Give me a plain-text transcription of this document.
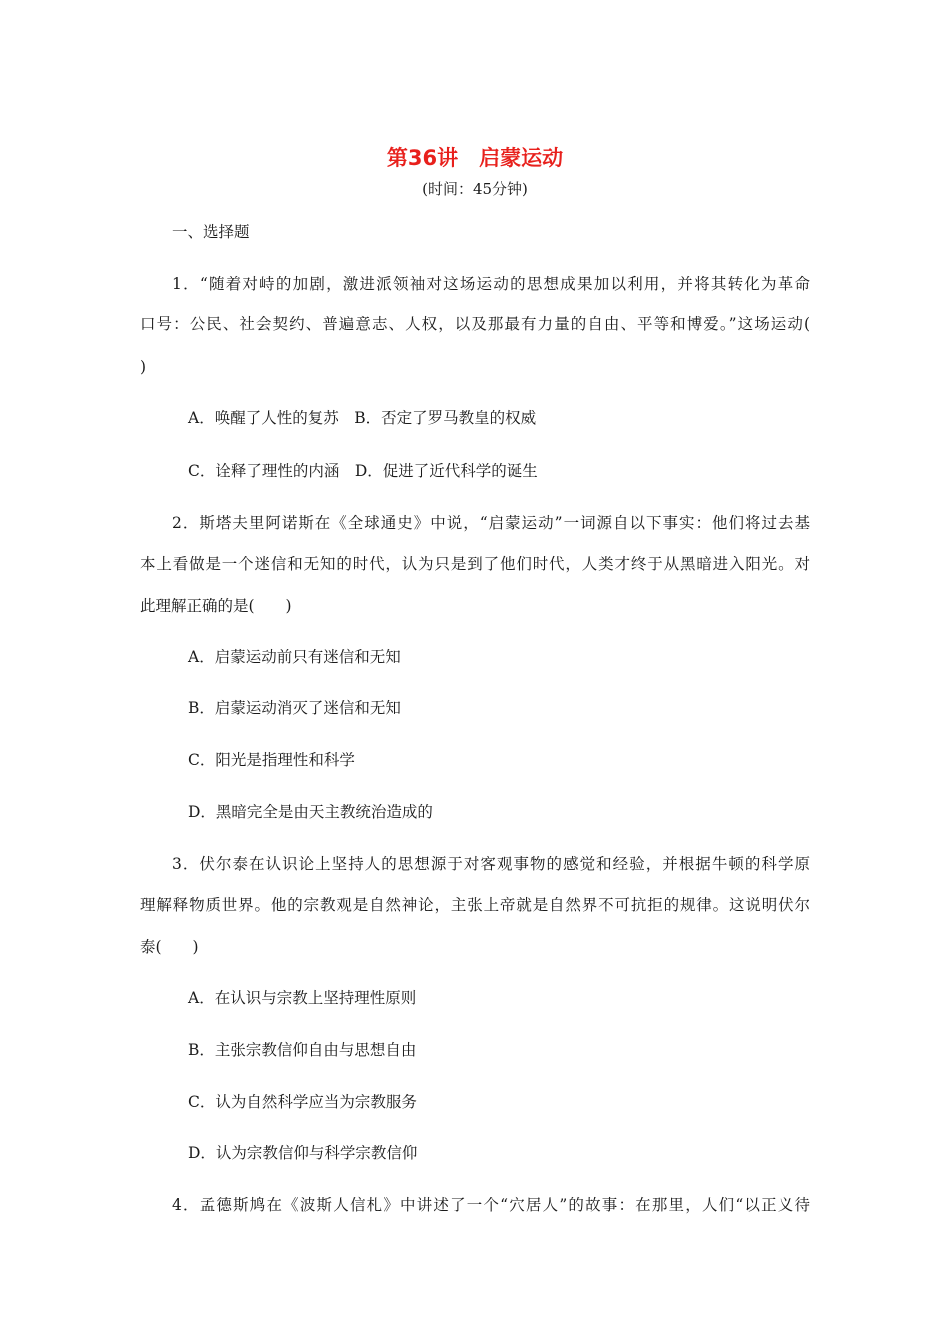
第36讲　启蒙运动
(时间：45分钟)
一、选择题
1．“随着对峙的加剧，激进派领袖对这场运动的思想成果加以利用，并将其转化为革命
口号：公民、社会契约、普遍意志、人权，以及那最有力量的自由、平等和博爱。”这场运动(
)
A．唤醒了人性的复苏　B．否定了罗马教皇的权威
C．诠释了理性的内涵　D．促进了近代科学的诞生
2．斯塔夫里阿诺斯在《全球通史》中说，“启蒙运动”一词源自以下事实：他们将过去基
本上看做是一个迷信和无知的时代，认为只是到了他们时代，人类才终于从黑暗进入阳光。对
此理解正确的是(　　)
A．启蒙运动前只有迷信和无知
B．启蒙运动消灭了迷信和无知
C．阳光是指理性和科学
D．黑暗完全是由天主教统治造成的
3．伏尔泰在认识论上坚持人的思想源于对客观事物的感觉和经验，并根据牛顿的科学原
理解释物质世界。他的宗教观是自然神论，主张上帝就是自然界不可抗拒的规律。这说明伏尔
泰(　　)
A．在认识与宗教上坚持理性原则
B．主张宗教信仰自由与思想自由
C．认为自然科学应当为宗教服务
D．认为宗教信仰与科学宗教信仰
4．孟德斯鸠在《波斯人信札》中讲述了一个“穴居人”的故事：在那里，人们“以正义待
